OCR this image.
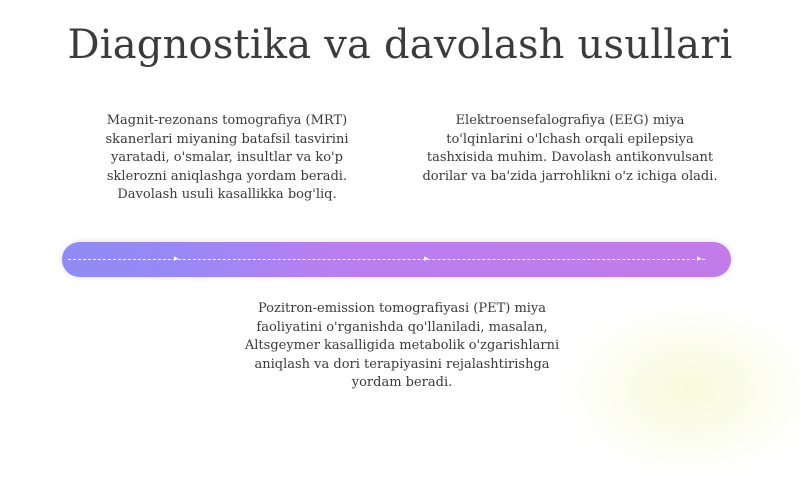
Diagnostika va davolash usullari

Magnit-rezonans tomografiya (MRT) skanerlari miyaning batafsil tasvirini yaratadi, o'smalar, insultlar va ko'p sklerozni aniqlashga yordam beradi. Davolash usuli kasallikka bog'liq.

Elektroensefalografiya (EEG) miya to'lqinlarini o'lchash orqali epilepsiya tashxisida muhim. Davolash antikonvulsant dorilar va ba'zida jarrohlikni o'z ichiga oladi.

▸	▸	▸

Pozitron-emission tomografiyasi (PET) miya faoliyatini o'rganishda qo'llaniladi, masalan, Altsgeymer kasalligida metabolik o'zgarishlarni aniqlash va dori terapiyasini rejalashtirishga yordam beradi.
